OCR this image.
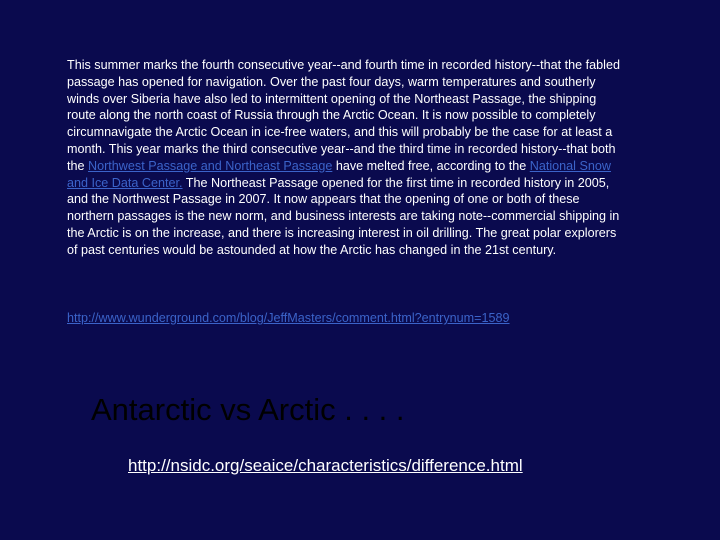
This summer marks the fourth consecutive year--and fourth time in recorded history--that the fabled passage has opened for navigation. Over the past four days, warm temperatures and southerly winds over Siberia have also led to intermittent opening of the Northeast Passage, the shipping route along the north coast of Russia through the Arctic Ocean. It is now possible to completely circumnavigate the Arctic Ocean in ice-free waters, and this will probably be the case for at least a month. This year marks the third consecutive year--and the third time in recorded history--that both the Northwest Passage and Northeast Passage have melted free, according to the National Snow and Ice Data Center. The Northeast Passage opened for the first time in recorded history in 2005, and the Northwest Passage in 2007. It now appears that the opening of one or both of these northern passages is the new norm, and business interests are taking note--commercial shipping in the Arctic is on the increase, and there is increasing interest in oil drilling. The great polar explorers of past centuries would be astounded at how the Arctic has changed in the 21st century.

http://www.wunderground.com/blog/JeffMasters/comment.html?entrynum=1589
Antarctic vs Arctic . . . .
http://nsidc.org/seaice/characteristics/difference.html
